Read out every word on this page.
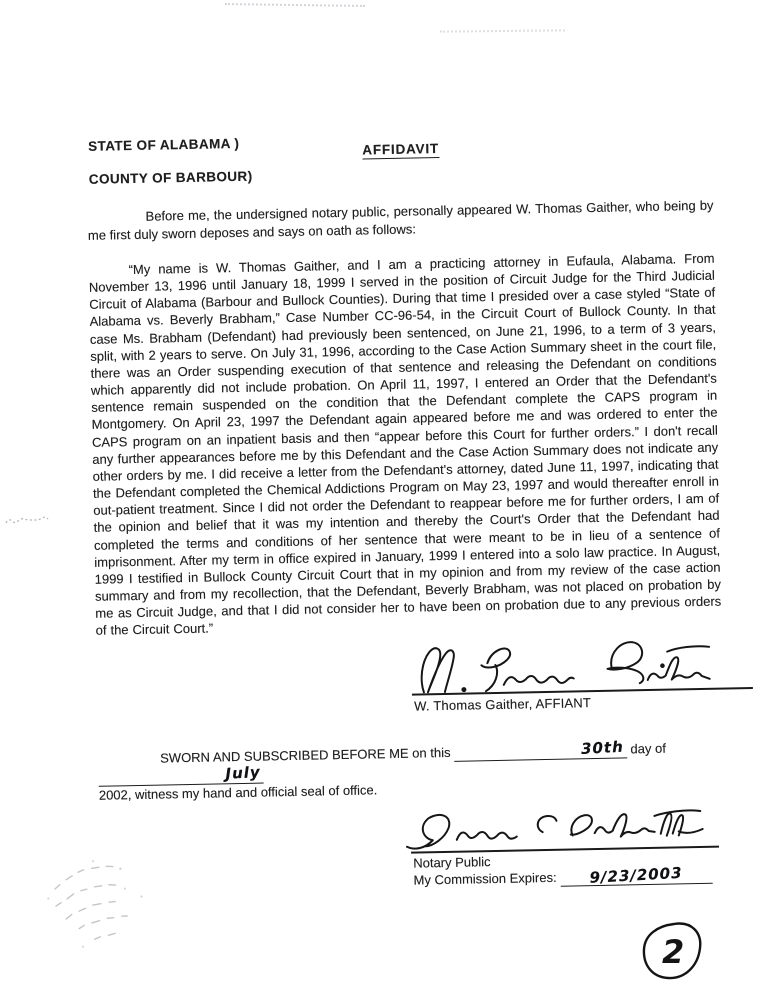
STATE OF ALABAMA )
COUNTY OF BARBOUR)
AFFIDAVIT

Before me, the undersigned notary public, personally appeared W. Thomas Gaither, who being by me first duly sworn deposes and says on oath as follows:

“My name is W. Thomas Gaither, and I am a practicing attorney in Eufaula, Alabama. From November 13, 1996 until January 18, 1999 I served in the position of Circuit Judge for the Third Judicial Circuit of Alabama (Barbour and Bullock Counties). During that time I presided over a case styled “State of Alabama vs. Beverly Brabham,” Case Number CC-96-54, in the Circuit Court of Bullock County. In that case Ms. Brabham (Defendant) had previously been sentenced, on June 21, 1996, to a term of 3 years, split, with 2 years to serve. On July 31, 1996, according to the Case Action Summary sheet in the court file, there was an Order suspending execution of that sentence and releasing the Defendant on conditions which apparently did not include probation. On April 11, 1997, I entered an Order that the Defendant's sentence remain suspended on the condition that the Defendant complete the CAPS program in Montgomery. On April 23, 1997 the Defendant again appeared before me and was ordered to enter the CAPS program on an inpatient basis and then “appear before this Court for further orders.” I don't recall any further appearances before me by this Defendant and the Case Action Summary does not indicate any other orders by me. I did receive a letter from the Defendant's attorney, dated June 11, 1997, indicating that the Defendant completed the Chemical Addictions Program on May 23, 1997 and would thereafter enroll in out-patient treatment. Since I did not order the Defendant to reappear before me for further orders, I am of the opinion and belief that it was my intention and thereby the Court's Order that the Defendant had completed the terms and conditions of her sentence that were meant to be in lieu of a sentence of imprisonment. After my term in office expired in January, 1999 I entered into a solo law practice. In August, 1999 I testified in Bullock County Circuit Court that in my opinion and from my review of the case action summary and from my recollection, that the Defendant, Beverly Brabham, was not placed on probation by me as Circuit Judge, and that I did not consider her to have been on probation due to any previous orders of the Circuit Court.”

W. Thomas Gaither, AFFIANT

SWORN AND SUBSCRIBED BEFORE ME on this	30th day of July
2002, witness my hand and official seal of office.

Notary Public
My Commission Expires: 9/23/2003
2
